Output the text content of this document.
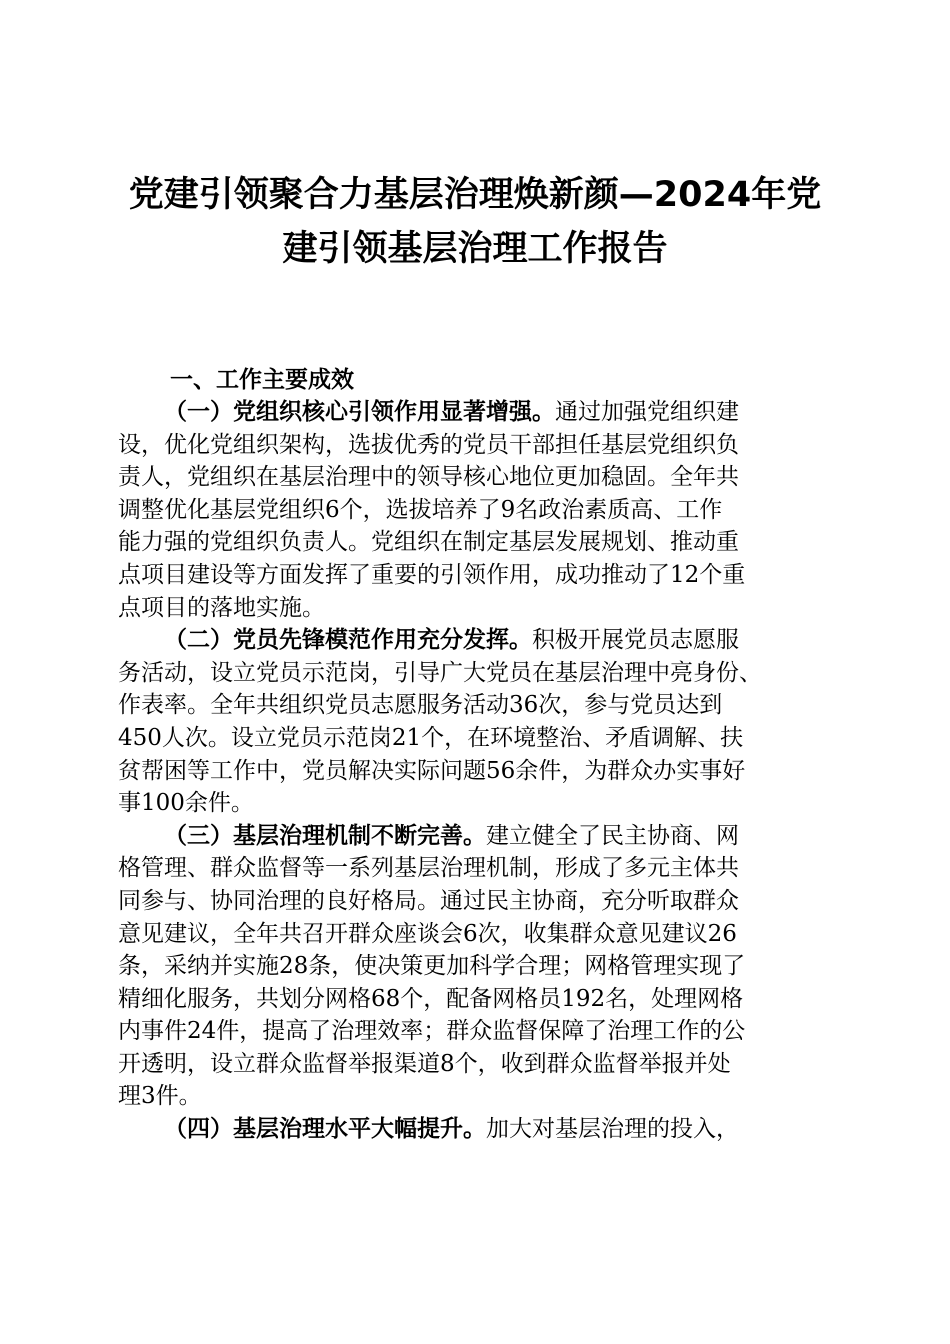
党建引领聚合力基层治理焕新颜—2024年党
建引领基层治理工作报告
一、工作主要成效

（一）党组织核心引领作用显著增强。通过加强党组织建
设，优化党组织架构，选拔优秀的党员干部担任基层党组织负
责人，党组织在基层治理中的领导核心地位更加稳固。全年共
调整优化基层党组织6个，选拔培养了9名政治素质高、工作
能力强的党组织负责人。党组织在制定基层发展规划、推动重
点项目建设等方面发挥了重要的引领作用，成功推动了12个重
点项目的落地实施。

（二）党员先锋模范作用充分发挥。积极开展党员志愿服
务活动，设立党员示范岗，引导广大党员在基层治理中亮身份、
作表率。全年共组织党员志愿服务活动36次，参与党员达到
450人次。设立党员示范岗21个，在环境整治、矛盾调解、扶
贫帮困等工作中，党员解决实际问题56余件，为群众办实事好
事100余件。

（三）基层治理机制不断完善。建立健全了民主协商、网
格管理、群众监督等一系列基层治理机制，形成了多元主体共
同参与、协同治理的良好格局。通过民主协商，充分听取群众
意见建议，全年共召开群众座谈会6次，收集群众意见建议26
条，采纳并实施28条，使决策更加科学合理；网格管理实现了
精细化服务，共划分网格68个，配备网格员192名，处理网格
内事件24件，提高了治理效率；群众监督保障了治理工作的公
开透明，设立群众监督举报渠道8个，收到群众监督举报并处
理3件。

（四）基层治理水平大幅提升。加大对基层治理的投入，
